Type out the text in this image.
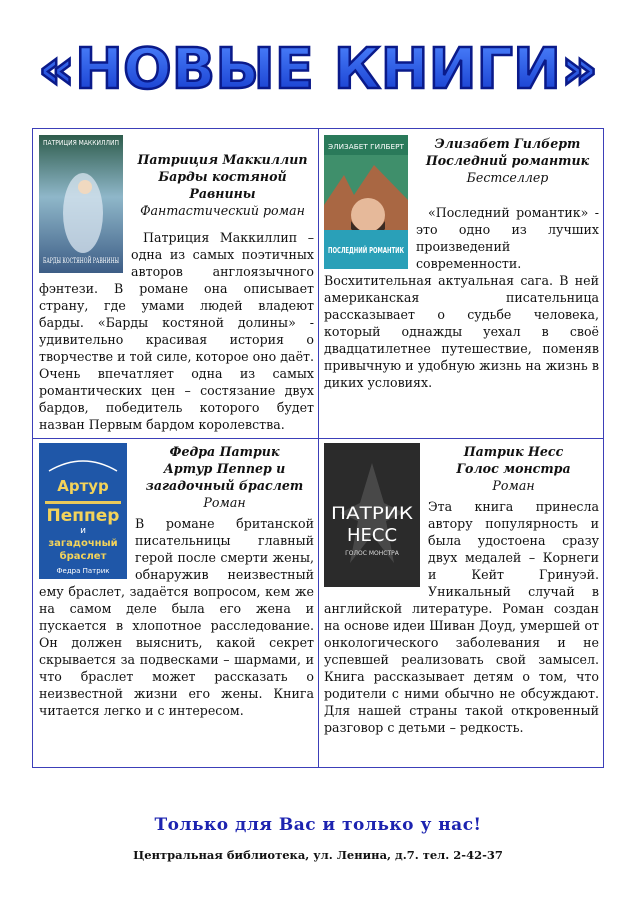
«НОВЫЕ КНИГИ»
ПАТРИЦИЯ МАККИЛЛИП
БАРДЫ КОСТЯНОЙ РАВНИНЫ
Патриция Маккиллип
Барды костяной Равнины
Фантастический роман

Патриция Маккиллип – одна из самых поэтичных авторов англоязычного фэнтези. В романе она описывает страну, где умами людей владеют барды. «Барды костяной долины» - удивительно красивая история о творчестве и той силе, которое оно даёт. Очень впечатляет одна из самых романтических цен – состязание двух бардов, победитель которого будет назван Первым бардом королевства.

ЭЛИЗАБЕТ ГИЛБЕРТ
ПОСЛЕДНИЙ РОМАНТИК
Элизабет Гилберт
Последний романтик
Бестселлер

«Последний романтик» - это одно из лучших произведений современности. Восхитительная актуальная сага. В ней американская писательница рассказывает о судьбе человека, который однажды уехал в своё двадцатилетнее путешествие, поменяв привычную и удобную жизнь на жизнь в диких условиях.

Артур
Пеппер
и
загадочный
браслет
Федра Патрик
Федра Патрик
Артур Пеппер и загадочный браслет
Роман

В романе британской писательницы главный герой после смерти жены, обнаружив неизвестный ему браслет, задаётся вопросом, кем же на самом деле была его жена и пускается в хлопотное расследование. Он должен выяснить, какой секрет скрывается за подвесками – шармами, и что браслет может рассказать о неизвестной жизни его жены. Книга читается легко и с интересом.

ПАТРИК
НЕСС
ГОЛОС МОНСТРА
Патрик Несс
Голос монстра
Роман

Эта книга принесла автору популярность и была удостоена сразу двух медалей – Корнеги и Кейт Гринуэй. Уникальный случай в английской литературе. Роман создан на основе идеи Шиван Доуд, умершей от онкологического заболевания и не успевшей реализовать свой замысел. Книга рассказывает детям о том, что родители с ними обычно не обсуждают. Для нашей страны такой откровенный разговор с детьми – редкость.

Только для Вас и только у нас!
Центральная библиотека, ул. Ленина, д.7. тел. 2-42-37
